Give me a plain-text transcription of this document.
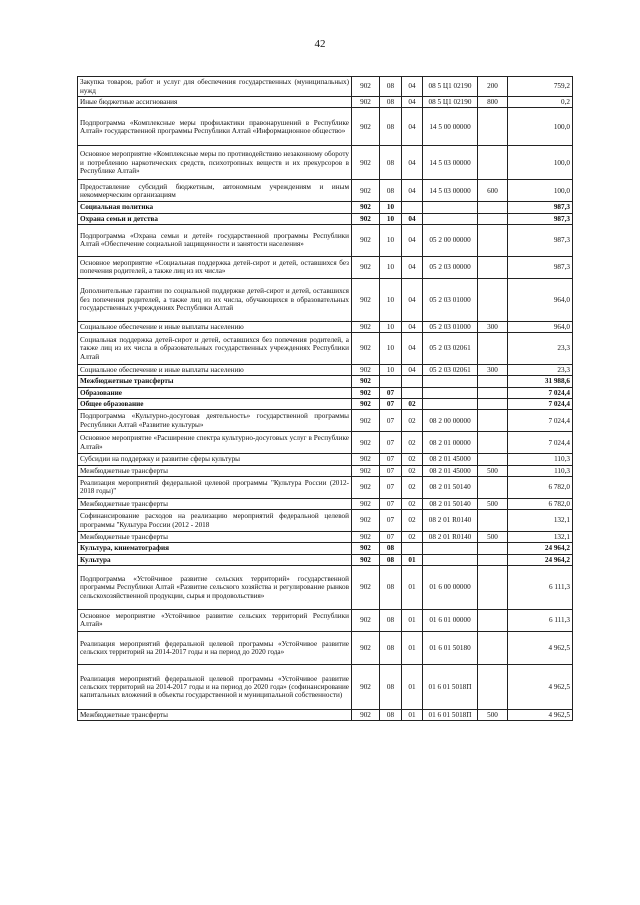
42
Закупка товаров, работ и услуг для обеспечения государственных (муниципальных) нужд	902	08	04	08 5 Ц1 02190	200	759,2
Иные бюджетные ассигнования	902	08	04	08 5 Ц1 02190	800	0,2
Подпрограмма «Комплексные меры профилактики правонарушений в Республике Алтай» государственной программы Республики Алтай «Информационное общество»	902	08	04	14 5 00 00000		100,0
Основное мероприятие «Комплексные меры по противодействию незаконному обороту и потреблению наркотических средств, психотропных веществ и их прекурсоров в Республике Алтай»	902	08	04	14 5 03 00000		100,0
Предоставление субсидий бюджетным, автономным учреждениям и иным некоммерческим организациям	902	08	04	14 5 03 00000	600	100,0
Социальная политика	902	10				987,3
Охрана семьи и детства	902	10	04			987,3
Подпрограмма «Охрана семьи и детей» государственной программы Республики Алтай «Обеспечение социальной защищенности и занятости населения»	902	10	04	05 2 00 00000		987,3
Основное мероприятие «Социальная поддержка детей-сирот и детей, оставшихся без попечения родителей, а также лиц из их числа»	902	10	04	05 2 03 00000		987,3
Дополнительные гарантии по социальной поддержке детей-сирот и детей, оставшихся без попечения родителей, а также лиц из их числа, обучающихся в образовательных государственных учреждениях Республики Алтай	902	10	04	05 2 03 01000		964,0
Социальное обеспечение и иные выплаты населению	902	10	04	05 2 03 01000	300	964,0
Социальная поддержка детей-сирот и детей, оставшихся без попечения родителей, а также лиц из их числа в образовательных государственных учреждениях Республики Алтай	902	10	04	05 2 03 02061		23,3
Социальное обеспечение и иные выплаты населению	902	10	04	05 2 03 02061	300	23,3
Межбюджетные трансферты	902					31 988,6
Образование	902	07				7 024,4
Общее образование	902	07	02			7 024,4
Подпрограмма «Культурно-досуговая деятельность» государственной программы Республики Алтай «Развитие культуры»	902	07	02	08 2 00 00000		7 024,4
Основное мероприятие «Расширение спектра культурно-досуговых услуг в Республике Алтай»	902	07	02	08 2 01 00000		7 024,4
Субсидии на поддержку и развитие сферы культуры	902	07	02	08 2 01 45000		110,3
Межбюджетные трансферты	902	07	02	08 2 01 45000	500	110,3
Реализация мероприятий федеральной целевой программы "Культура России (2012-2018 годы)"	902	07	02	08 2 01 50140		6 782,0
Межбюджетные трансферты	902	07	02	08 2 01 50140	500	6 782,0
Софинансирование расходов на реализацию мероприятий федеральной целевой программы "Культура России (2012 - 2018	902	07	02	08 2 01 R0140		132,1
Межбюджетные трансферты	902	07	02	08 2 01 R0140	500	132,1
Культура, кинематография	902	08				24 964,2
Культура	902	08	01			24 964,2
Подпрограмма «Устойчивое развитие сельских территорий» государственной программы Республики Алтай «Развитие сельского хозяйства и регулирование рынков сельскохозяйственной продукции, сырья и продовольствия»	902	08	01	01 6 00 00000		6 111,3
Основное мероприятие «Устойчивое развитие сельских территорий Республики Алтай»	902	08	01	01 6 01 00000		6 111,3
Реализация мероприятий федеральной целевой программы «Устойчивое развитие сельских территорий на 2014-2017 годы и на период до 2020 года»	902	08	01	01 6 01 50180		4 962,5
Реализация мероприятий федеральной целевой программы «Устойчивое развитие сельских территорий на 2014-2017 годы и на период до 2020 года» (софинансирование капитальных вложений в объекты государственной и муниципальной собственности)	902	08	01	01 6 01 5018П		4 962,5
Межбюджетные трансферты	902	08	01	01 6 01 5018П	500	4 962,5
